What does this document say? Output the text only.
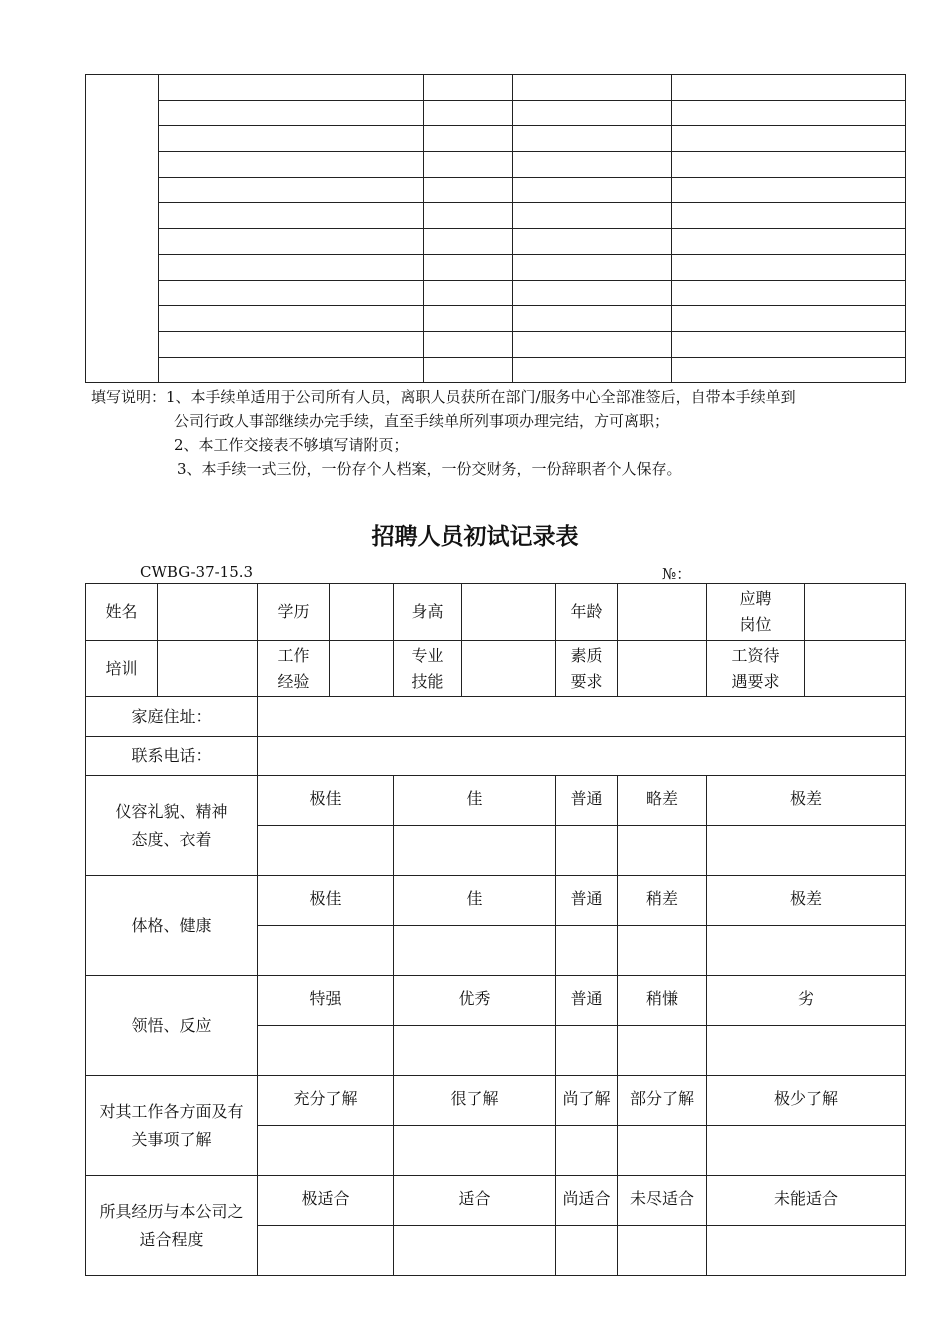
填写说明：1、本手续单适用于公司所有人员，离职人员获所在部门/服务中心全部准签后，自带本手续单到
公司行政人事部继续办完手续，直至手续单所列事项办理完结，方可离职；
2、本工作交接表不够填写请附页；
3、本手续一式三份，一份存个人档案，一份交财务，一份辞职者个人保存。
招聘人员初试记录表
CWBG-37-15.3	№：
姓名		学历		身高		年龄		应聘岗位	
培训		工作经验		专业技能		素质要求		工资待遇要求	
家庭住址：									
联系电话：									
仪容礼貌、精神态度、衣着		极佳		佳		普通	略差	极差	

体格、健康		极佳		佳		普通	稍差	极差	

领悟、反应		特强		优秀		普通	稍慊	劣	

对其工作各方面及有关事项了解		充分了解		很了解		尚了解	部分了解	极少了解	

所具经历与本公司之适合程度		极适合		适合		尚适合	未尽适合	未能适合	
